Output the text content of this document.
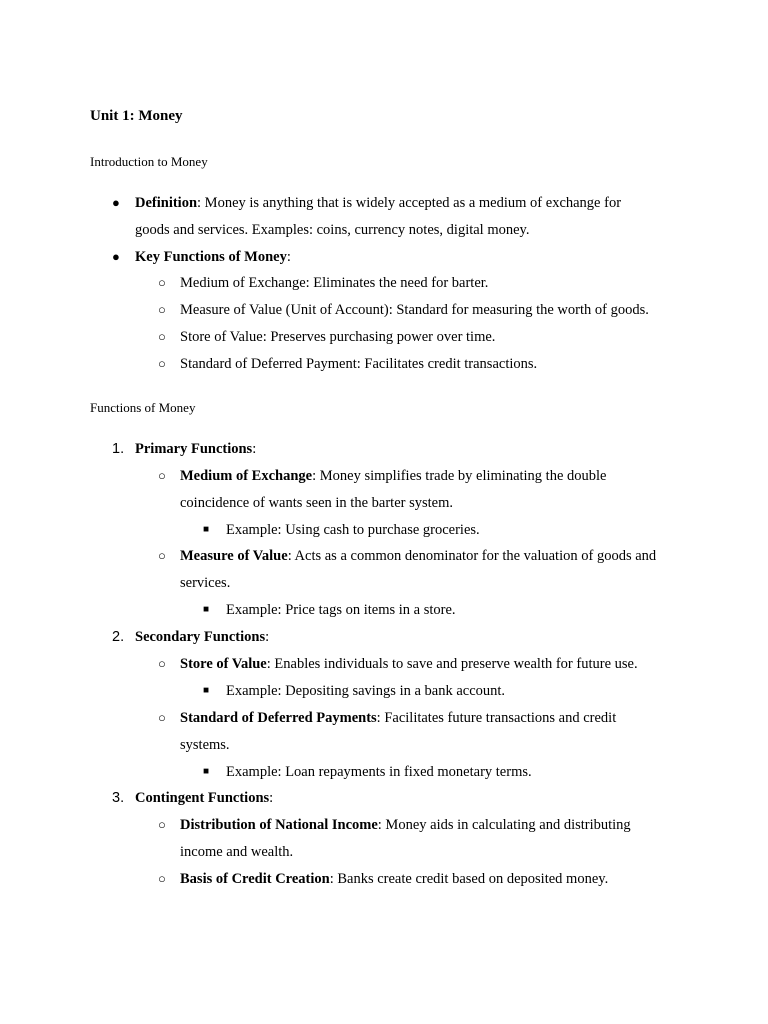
Unit 1: Money
Introduction to Money
● Definition: Money is anything that is widely accepted as a medium of exchange for
goods and services. Examples: coins, currency notes, digital money.
● Key Functions of Money:
○ Medium of Exchange: Eliminates the need for barter.
○ Measure of Value (Unit of Account): Standard for measuring the worth of goods.
○ Store of Value: Preserves purchasing power over time.
○ Standard of Deferred Payment: Facilitates credit transactions.
Functions of Money
1. Primary Functions:
○ Medium of Exchange: Money simplifies trade by eliminating the double
coincidence of wants seen in the barter system.
■ Example: Using cash to purchase groceries.
○ Measure of Value: Acts as a common denominator for the valuation of goods and
services.
■ Example: Price tags on items in a store.
2. Secondary Functions:
○ Store of Value: Enables individuals to save and preserve wealth for future use.
■ Example: Depositing savings in a bank account.
○ Standard of Deferred Payments: Facilitates future transactions and credit
systems.
■ Example: Loan repayments in fixed monetary terms.
3. Contingent Functions:
○ Distribution of National Income: Money aids in calculating and distributing
income and wealth.
○ Basis of Credit Creation: Banks create credit based on deposited money.
